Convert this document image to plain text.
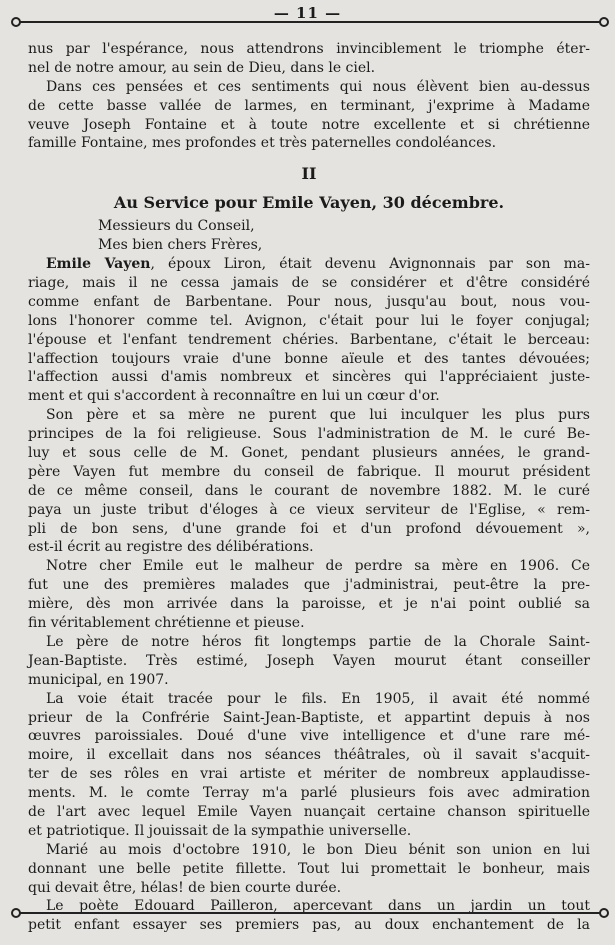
— 11 —
nus par l'espérance, nous attendrons invinciblement le triomphe éter-
nel de notre amour, au sein de Dieu, dans le ciel.
Dans ces pensées et ces sentiments qui nous élèvent bien au-dessus
de cette basse vallée de larmes, en terminant, j'exprime à Madame
veuve Joseph Fontaine et à toute notre excellente et si chrétienne
famille Fontaine, mes profondes et très paternelles condoléances.
II
Au Service pour Emile Vayen, 30 décembre.
Messieurs du Conseil,
Mes bien chers Frères,
Emile Vayen, époux Liron, était devenu Avignonnais par son ma-
riage, mais il ne cessa jamais de se considérer et d'être considéré
comme enfant de Barbentane. Pour nous, jusqu'au bout, nous vou-
lons l'honorer comme tel. Avignon, c'était pour lui le foyer conjugal;
l'épouse et l'enfant tendrement chéries. Barbentane, c'était le berceau:
l'affection toujours vraie d'une bonne aïeule et des tantes dévouées;
l'affection aussi d'amis nombreux et sincères qui l'appréciaient juste-
ment et qui s'accordent à reconnaître en lui un cœur d'or.
Son père et sa mère ne purent que lui inculquer les plus purs
principes de la foi religieuse. Sous l'administration de M. le curé Be-
luy et sous celle de M. Gonet, pendant plusieurs années, le grand-
père Vayen fut membre du conseil de fabrique. Il mourut président
de ce même conseil, dans le courant de novembre 1882. M. le curé
paya un juste tribut d'éloges à ce vieux serviteur de l'Eglise, « rem-
pli de bon sens, d'une grande foi et d'un profond dévouement »,
est-il écrit au registre des délibérations.
Notre cher Emile eut le malheur de perdre sa mère en 1906. Ce
fut une des premières malades que j'administrai, peut-être la pre-
mière, dès mon arrivée dans la paroisse, et je n'ai point oublié sa
fin véritablement chrétienne et pieuse.
Le père de notre héros fit longtemps partie de la Chorale Saint-
Jean-Baptiste. Très estimé, Joseph Vayen mourut étant conseiller
municipal, en 1907.
La voie était tracée pour le fils. En 1905, il avait été nommé
prieur de la Confrérie Saint-Jean-Baptiste, et appartint depuis à nos
œuvres paroissiales. Doué d'une vive intelligence et d'une rare mé-
moire, il excellait dans nos séances théâtrales, où il savait s'acquit-
ter de ses rôles en vrai artiste et mériter de nombreux applaudisse-
ments. M. le comte Terray m'a parlé plusieurs fois avec admiration
de l'art avec lequel Emile Vayen nuançait certaine chanson spirituelle
et patriotique. Il jouissait de la sympathie universelle.
Marié au mois d'octobre 1910, le bon Dieu bénit son union en lui
donnant une belle petite fillette. Tout lui promettait le bonheur, mais
qui devait être, hélas! de bien courte durée.
Le poète Edouard Pailleron, apercevant dans un jardin un tout
petit enfant essayer ses premiers pas, au doux enchantement de la
